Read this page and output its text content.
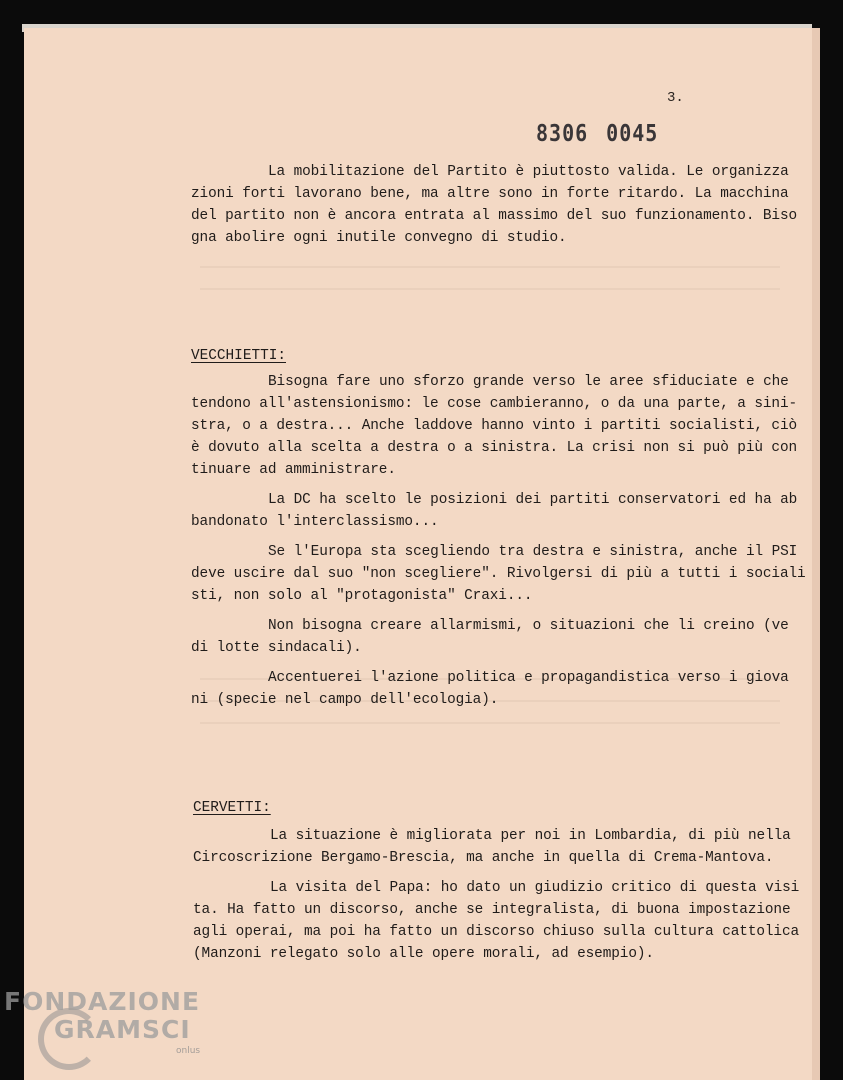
3.
8306 0045
La mobilitazione del Partito è piuttosto valida. Le organizza
zioni forti lavorano bene, ma altre sono in forte ritardo. La macchina
del partito non è ancora entrata al massimo del suo funzionamento. Biso
gna abolire ogni inutile convegno di studio.
VECCHIETTI:
Bisogna fare uno sforzo grande verso le aree sfiduciate e che
tendono all'astensionismo: le cose cambieranno, o da una parte, a sini-
stra, o a destra... Anche laddove hanno vinto i partiti socialisti, ciò
è dovuto alla scelta a destra o a sinistra. La crisi non si può più con
tinuare ad amministrare.
La DC ha scelto le posizioni dei partiti conservatori ed ha ab
bandonato l'interclassismo...
Se l'Europa sta scegliendo tra destra e sinistra, anche il PSI
deve uscire dal suo "non scegliere". Rivolgersi di più a tutti i sociali
sti, non solo al "protagonista" Craxi...
Non bisogna creare allarmismi, o situazioni che li creino (ve
di lotte sindacali).
Accentuerei l'azione politica e propagandistica verso i giova
ni (specie nel campo dell'ecologia).
CERVETTI:
La situazione è migliorata per noi in Lombardia, di più nella
Circoscrizione Bergamo-Brescia, ma anche in quella di Crema-Mantova.
La visita del Papa: ho dato un giudizio critico di questa visi
ta. Ha fatto un discorso, anche se integralista, di buona impostazione
agli operai, ma poi ha fatto un discorso chiuso sulla cultura cattolica
(Manzoni relegato solo alle opere morali, ad esempio).
FONDAZIONE
GRAMSCI
onlus
